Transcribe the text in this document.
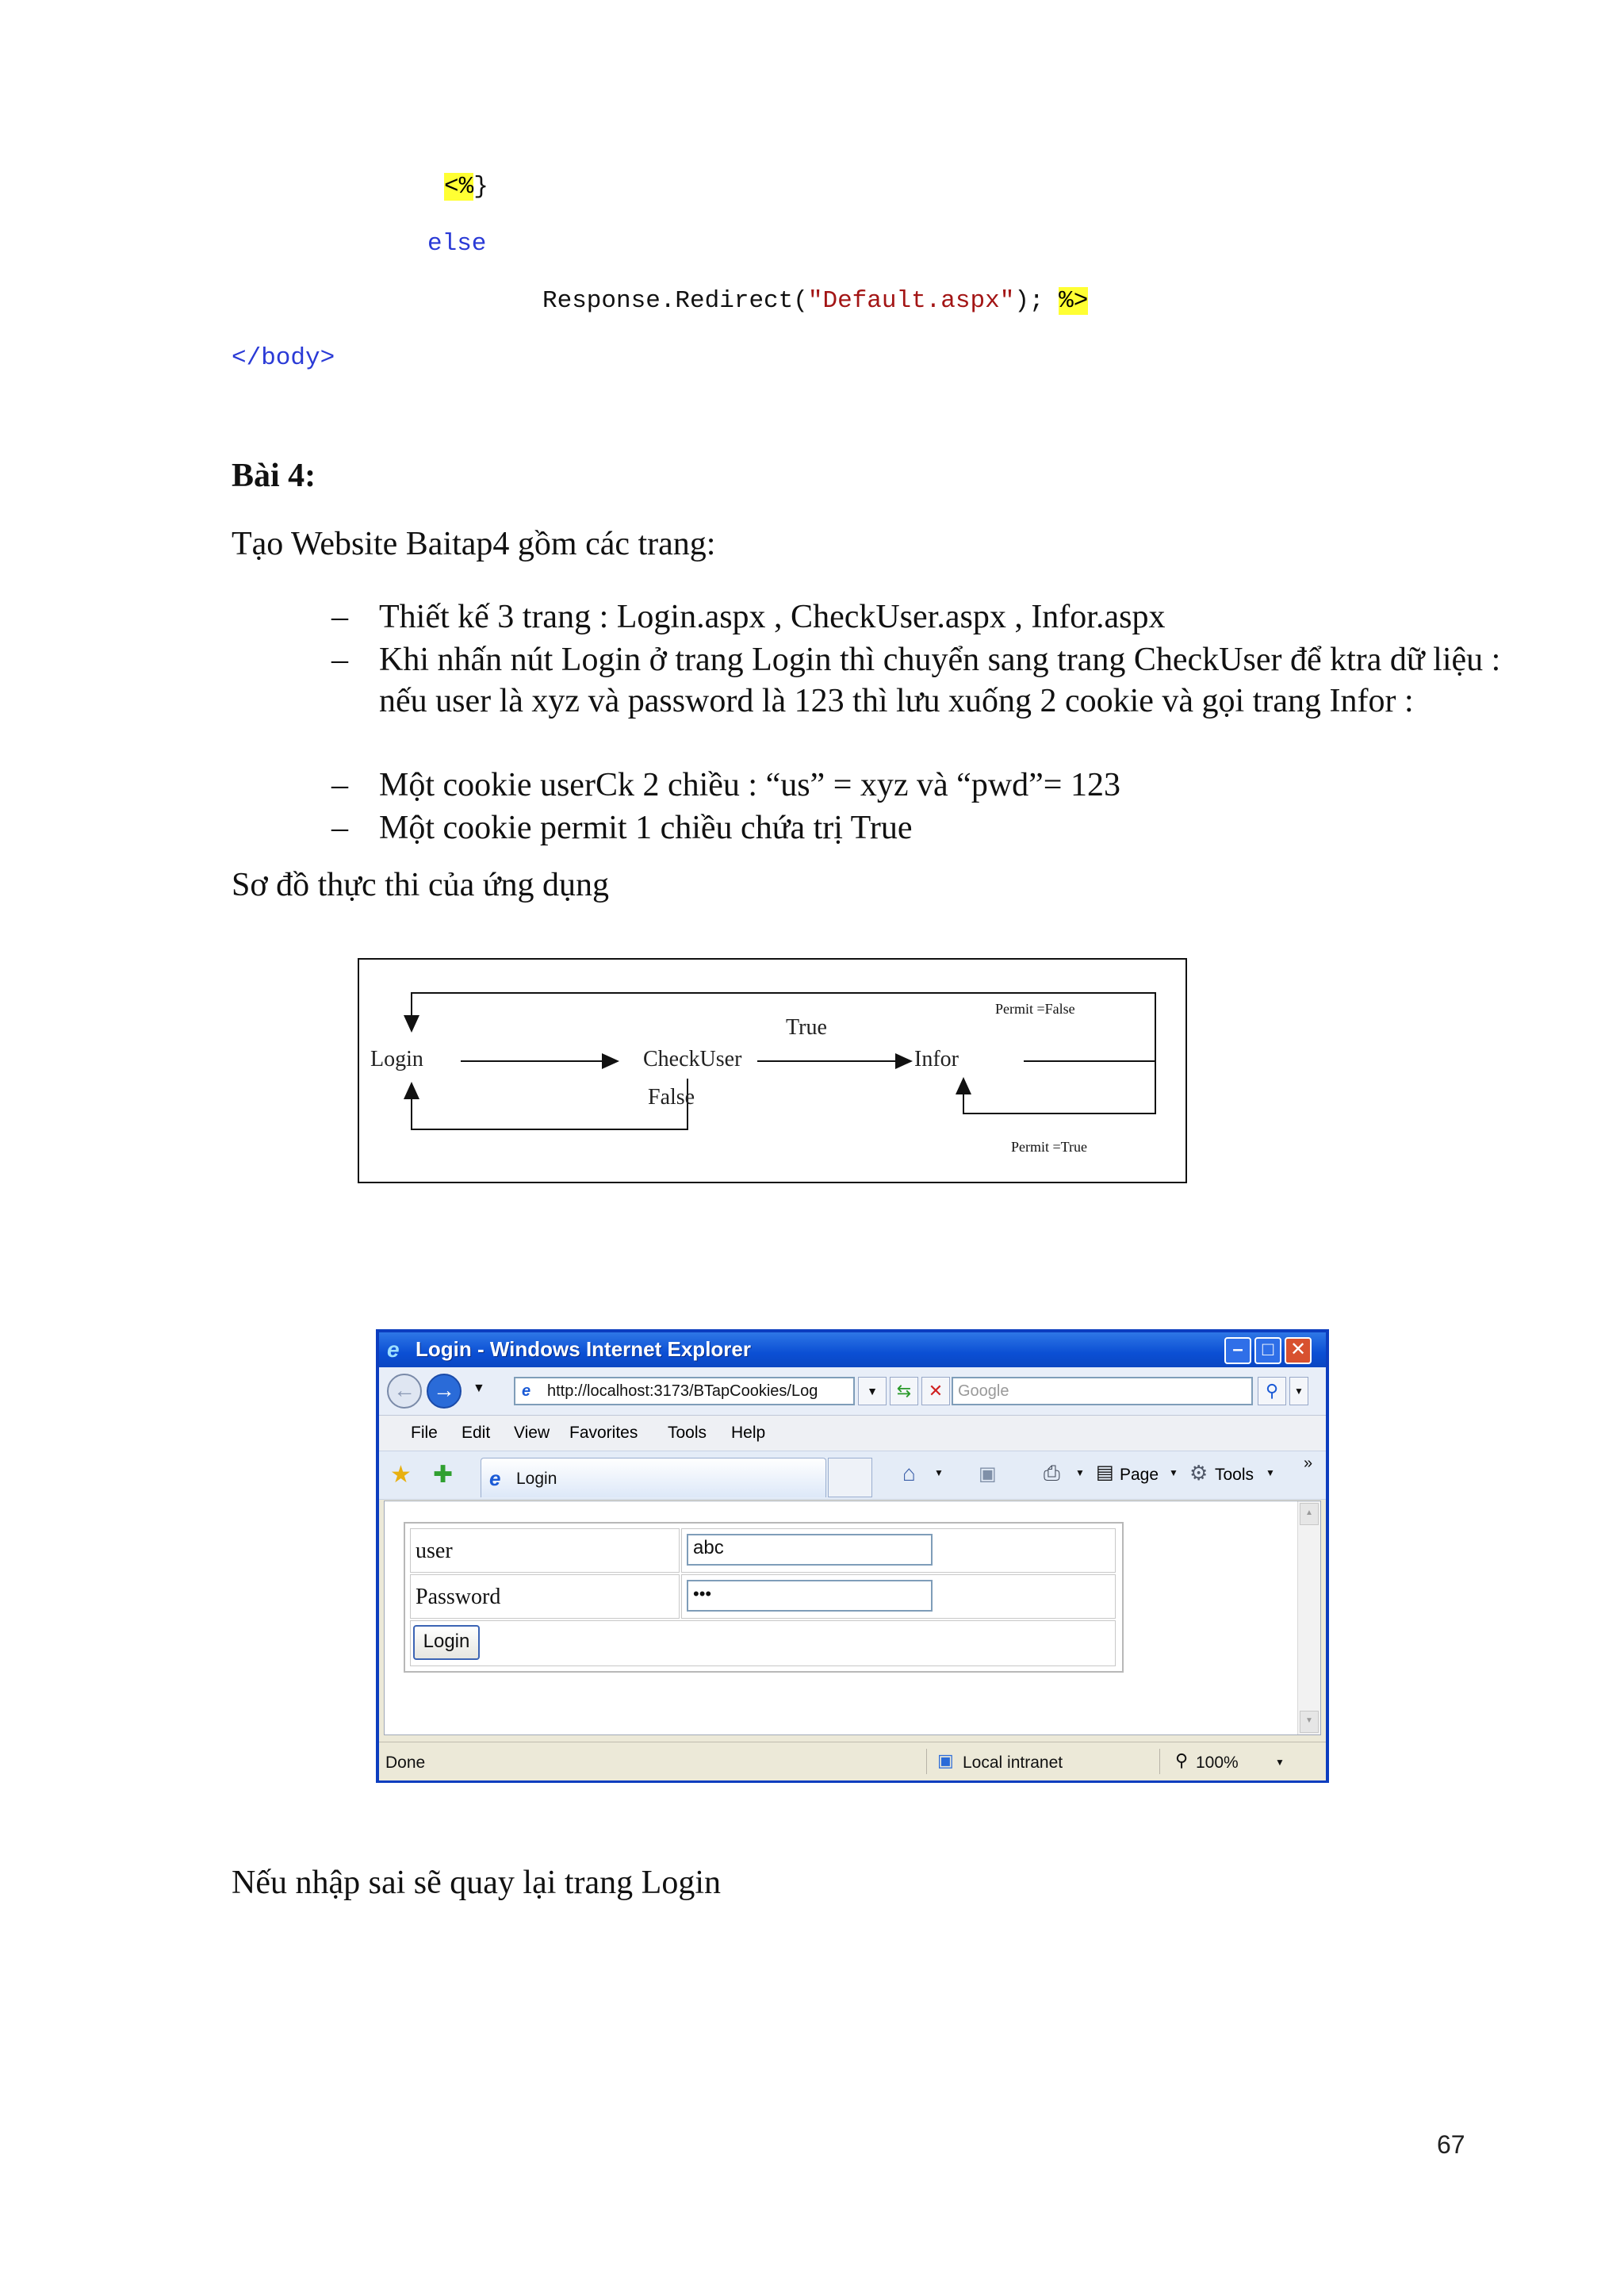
<%}
else
Response.Redirect("Default.aspx"); %>
</body>
Bài 4:
Tạo Website Baitap4 gồm các trang:
– Thiết kế 3 trang : Login.aspx , CheckUser.aspx , Infor.aspx
– Khi nhấn nút Login ở trang Login thì chuyển sang trang CheckUser để ktra dữ liệu : nếu user là xyz và password là 123 thì lưu xuống 2 cookie và gọi trang Infor :
– Một cookie userCk 2 chiều : “us” = xyz và “pwd”= 123
– Một cookie permit 1 chiều chứa trị True
Sơ đồ thực thi của ứng dụng
Login	CheckUser	Infor
True
False
Permit =False
Permit =True
e Login - Windows Internet Explorer	–	□ ✕
← →	▼ e http://localhost:3173/BTapCookies/Log	▼	⇆ ✕ Google	⚲	▼
File Edit View Favorites Tools Help
★ ✚ e Login	⌂ ▼ ▣ ⎙ ▼ ▤ Page ▼ ⚙ Tools ▼
»
user	abc
Password	•••
Login
▲
▼
Done	▣ Local intranet	⚲ 100%	▼
Nếu nhập sai sẽ quay lại trang Login
67
